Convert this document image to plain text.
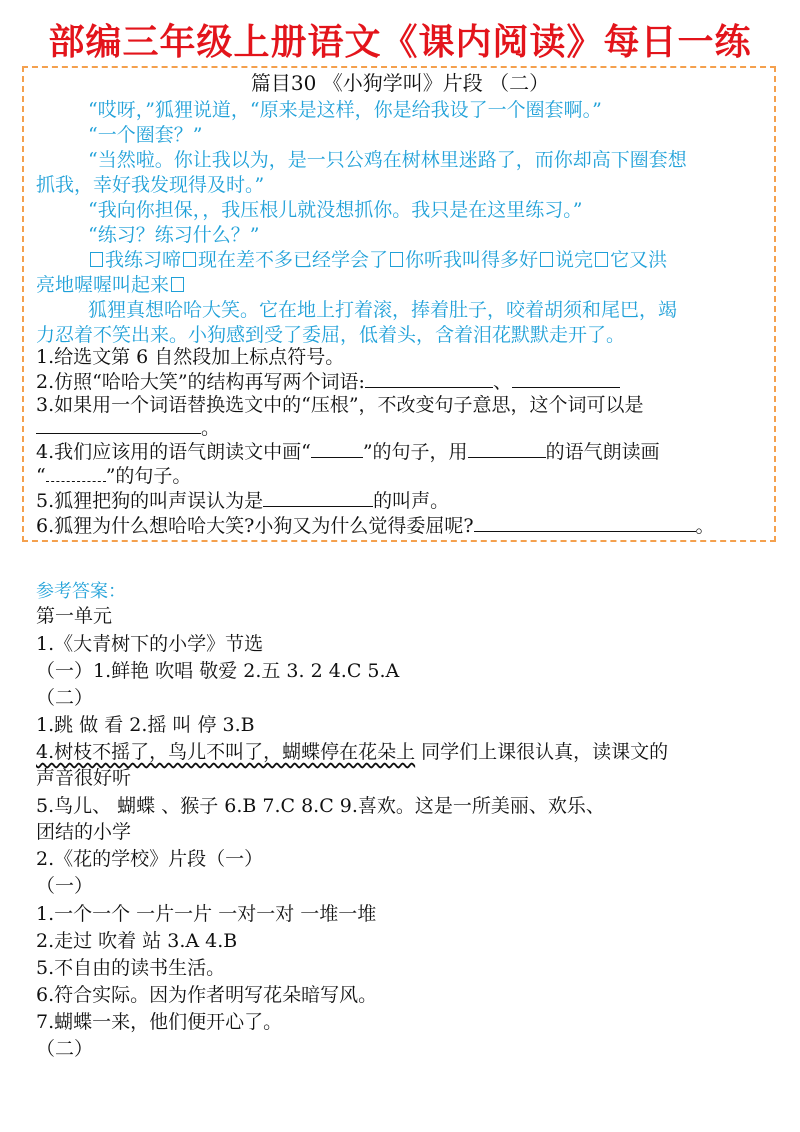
部编三年级上册语文《课内阅读》每日一练
篇目30 《小狗学叫》片段 （二）
“哎呀，”狐狸说道，“原来是这样，你是给我设了一个圈套啊。”
“一个圈套？”
“当然啦。你让我以为，是一只公鸡在树林里迷路了，而你却高下圈套想
抓我，幸好我发现得及时。”
“我向你担保，，我压根儿就没想抓你。我只是在这里练习。”
“练习？练习什么？”
我练习啼 现在差不多已经学会了 你听我叫得多好 说完 它又洪
亮地喔喔叫起来
狐狸真想哈哈大笑。它在地上打着滚，捧着肚子，咬着胡须和尾巴，竭
力忍着不笑出来。小狗感到受了委屈，低着头，含着泪花默默走开了。
1.给选文第 6 自然段加上标点符号。
2.仿照“哈哈大笑”的结构再写两个词语:	、
3.如果用一个词语替换选文中的“压根”，不改变句子意思，这个词可以是
。
4.我们应该用的语气朗读文中画“	”的句子，用	的语气朗读画
“	”的句子。
5.狐狸把狗的叫声误认为是	的叫声。
6.狐狸为什么想哈哈大笑?小狗又为什么觉得委屈呢?	。
参考答案：
第一单元
1.《大青树下的小学》节选
（一）1.鲜艳 吹唱 敬爱 2.五 3. 2 4.C 5.A
（二）
1.跳 做 看 2.摇 叫 停 3.B
4.树枝不摇了，鸟儿不叫了，蝴蝶停在花朵上 同学们上课很认真，读课文的
声音很好听
5.鸟儿、 蝴蝶 、猴子 6.B 7.C 8.C 9.喜欢。这是一所美丽、欢乐、
团结的小学
2.《花的学校》片段（一）
（一）
1.一个一个 一片一片 一对一对 一堆一堆
2.走过 吹着 站 3.A 4.B
5.不自由的读书生活。
6.符合实际。因为作者明写花朵暗写风。
7.蝴蝶一来，他们便开心了。
（二）
